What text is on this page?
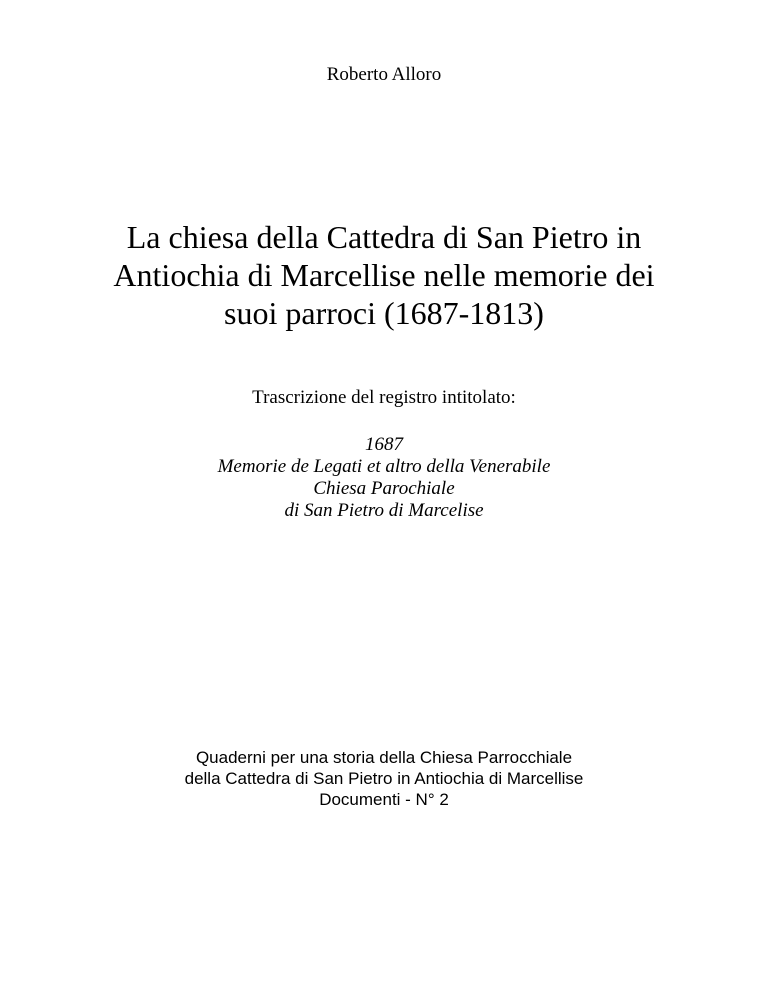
Roberto Alloro
La chiesa della Cattedra di San Pietro in
Antiochia di Marcellise nelle memorie dei
suoi parroci (1687-1813)
Trascrizione del registro intitolato:
1687
Memorie de Legati et altro della Venerabile
Chiesa Parochiale
di San Pietro di Marcelise
Quaderni per una storia della Chiesa Parrocchiale
della Cattedra di San Pietro in Antiochia di Marcellise
Documenti - N° 2
